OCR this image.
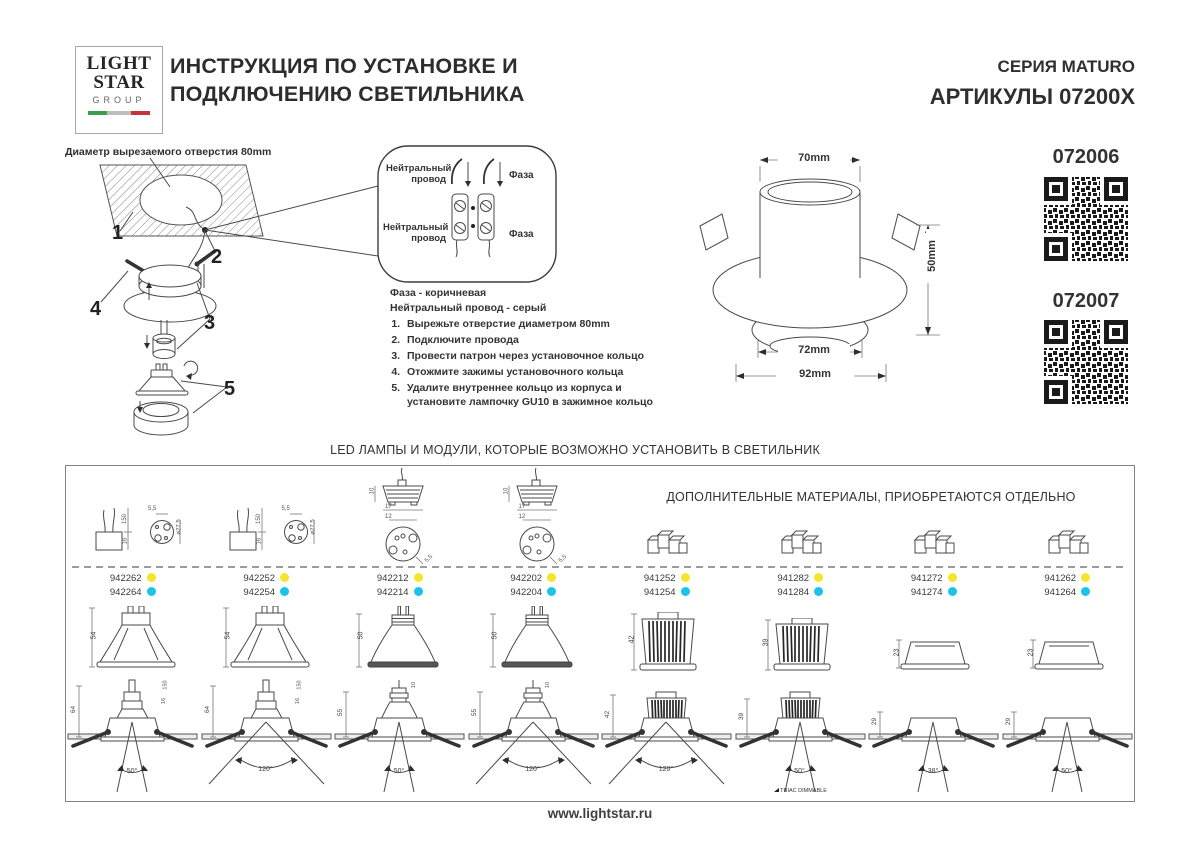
LIGHT
STAR
GROUP
ИНСТРУКЦИЯ ПО УСТАНОВКЕ И
ПОДКЛЮЧЕНИЮ СВЕТИЛЬНИКА
СЕРИЯ MATURO
АРТИКУЛЫ 07200X
Диаметр вырезаемого отверстия 80mm
1
2
3
4
5
Нейтральный провод	Фаза
Нейтральный провод	Фаза
Фаза - коричневая
Нейтральный провод - серый
1. Вырежьте отверстие диаметром 80mm
2. Подключите провода
3. Провести патрон через установочное кольцо
4. Отожмите зажимы установочного кольца
5. Удалите внутреннее кольцо из корпуса и установите лампочку GU10 в зажимное кольцо
70mm
50mm
72mm
92mm
072006
072007
LED ЛАМПЫ И МОДУЛИ, КОТОРЫЕ ВОЗМОЖНО УСТАНОВИТЬ В СВЕТИЛЬНИК
ДОПОЛНИТЕЛЬНЫЕ МАТЕРИАЛЫ, ПРИОБРЕТАЮТСЯ ОТДЕЛЬНО
150
16
5,5
ø27,5
942262
942264
54
64
150
16
50°
150
16
5,5
ø27,5
942252
942254
54
64
150
16
120°
10
17
12
5,5
942212
942214
50
55
10
50°
10
17
12
5,5
942202
942204
50
55
10
120°
941252
941254
42
42
120°
941282
941284
39
39
50°
TRIAC DIMMABLE
941272
941274
23
29
38°
941262
941264
23
29
50°
www.lightstar.ru
